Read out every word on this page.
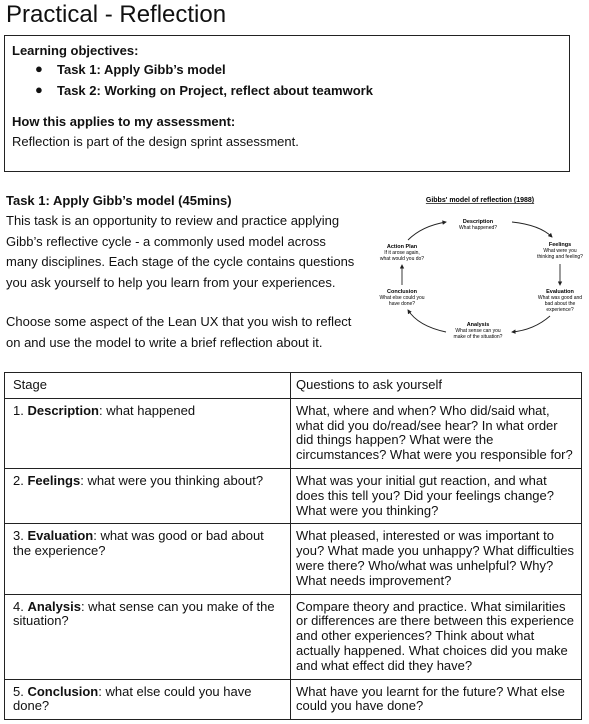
Practical - Reflection
Learning objectives:
● Task 1: Apply Gibb’s model
● Task 2: Working on Project, reflect about teamwork
How this applies to my assessment:
Reflection is part of the design sprint assessment.
Task 1: Apply Gibb’s model (45mins)
This task is an opportunity to review and practice applying Gibb’s reflective cycle - a commonly used model across many disciplines. Each stage of the cycle contains questions you ask yourself to help you learn from your experiences.
Choose some aspect of the Lean UX that you wish to reflect on and use the model to write a brief reflection about it.
Gibbs' model of reflection (1988)
Description
What happened?
Feelings
What were you
thinking and feeling?
Evaluation
What was good and
bad about the
experience?
Analysis
What sense can you
make of the situation?
Conclusion
What else could you
have done?
Action Plan
If it arose again,
what would you do?
Stage	Questions to ask yourself
1. Description: what happened	What, where and when? Who did/said what, what did you do/read/see hear? In what order did things happen? What were the circumstances? What were you responsible for?
2. Feelings: what were you thinking about?	What was your initial gut reaction, and what does this tell you? Did your feelings change? What were you thinking?
3. Evaluation: what was good or bad about the experience?	What pleased, interested or was important to you? What made you unhappy? What difficulties were there? Who/what was unhelpful? Why? What needs improvement?
4. Analysis: what sense can you make of the situation?	Compare theory and practice. What similarities or differences are there between this experience and other experiences? Think about what actually happened. What choices did you make and what effect did they have?
5. Conclusion: what else could you have done?	What have you learnt for the future? What else could you have done?
